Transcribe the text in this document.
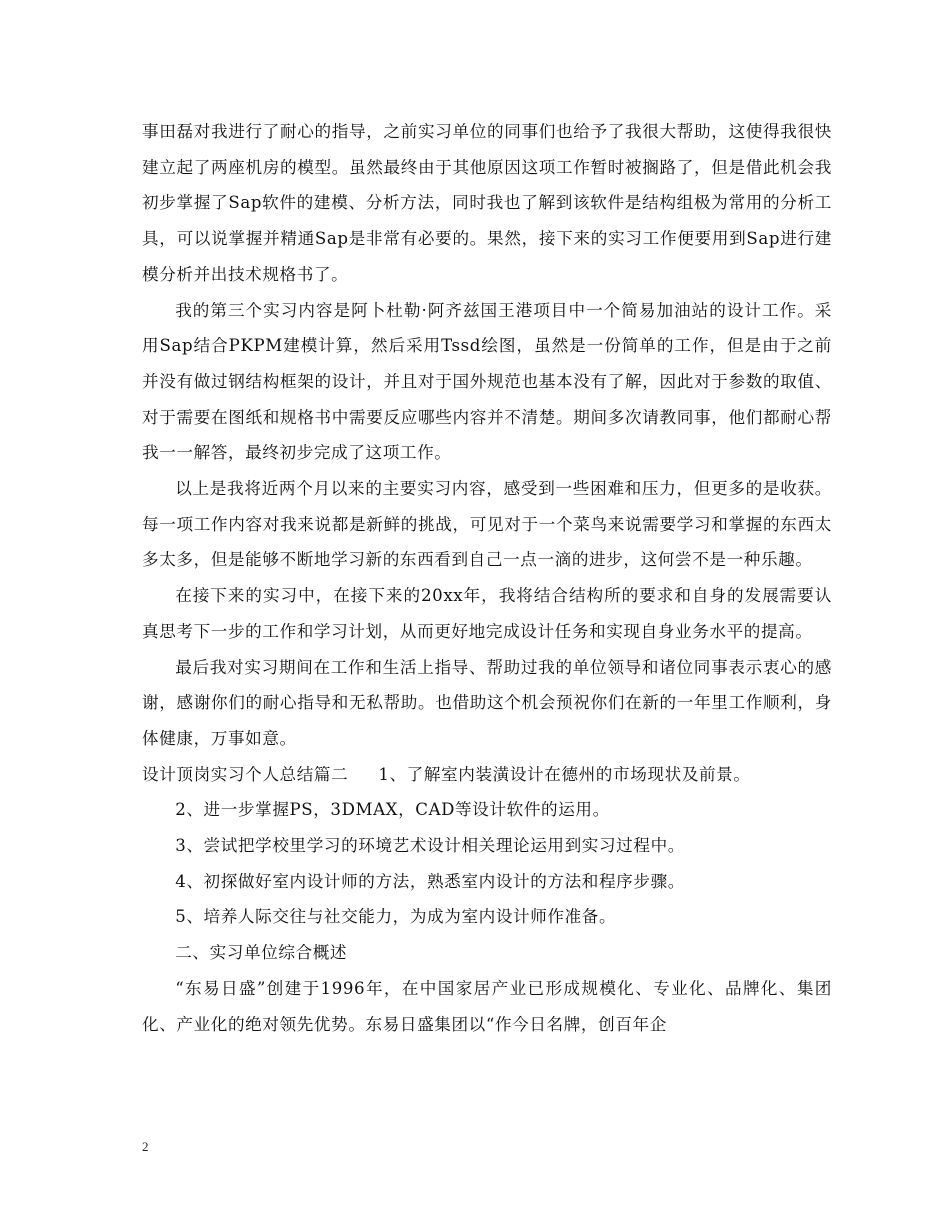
事田磊对我进行了耐心的指导，之前实习单位的同事们也给予了我很大帮助，这使得我很快建立起了两座机房的模型。虽然最终由于其他原因这项工作暂时被搁路了，但是借此机会我初步掌握了Sap软件的建模、分析方法，同时我也了解到该软件是结构组极为常用的分析工具，可以说掌握并精通Sap是非常有必要的。果然，接下来的实习工作便要用到Sap进行建模分析并出技术规格书了。

我的第三个实习内容是阿卜杜勒·阿齐兹国王港项目中一个简易加油站的设计工作。采用Sap结合PKPM建模计算，然后采用Tssd绘图，虽然是一份简单的工作，但是由于之前并没有做过钢结构框架的设计，并且对于国外规范也基本没有了解，因此对于参数的取值、对于需要在图纸和规格书中需要反应哪些内容并不清楚。期间多次请教同事，他们都耐心帮我一一解答，最终初步完成了这项工作。

以上是我将近两个月以来的主要实习内容，感受到一些困难和压力，但更多的是收获。每一项工作内容对我来说都是新鲜的挑战，可见对于一个菜鸟来说需要学习和掌握的东西太多太多，但是能够不断地学习新的东西看到自己一点一滴的进步，这何尝不是一种乐趣。

在接下来的实习中，在接下来的20xx年，我将结合结构所的要求和自身的发展需要认真思考下一步的工作和学习计划，从而更好地完成设计任务和实现自身业务水平的提高。

最后我对实习期间在工作和生活上指导、帮助过我的单位领导和诸位同事表示衷心的感谢，感谢你们的耐心指导和无私帮助。也借助这个机会预祝你们在新的一年里工作顺利，身体健康，万事如意。

设计顶岗实习个人总结篇二 1、了解室内装潢设计在德州的市场现状及前景。

2、进一步掌握PS，3DMAX，CAD等设计软件的运用。

3、尝试把学校里学习的环境艺术设计相关理论运用到实习过程中。

4、初探做好室内设计师的方法，熟悉室内设计的方法和程序步骤。

5、培养人际交往与社交能力，为成为室内设计师作准备。

二、实习单位综合概述

“东易日盛”创建于1996年，在中国家居产业已形成规模化、专业化、品牌化、集团化、产业化的绝对领先优势。东易日盛集团以“作今日名牌，创百年企

2
